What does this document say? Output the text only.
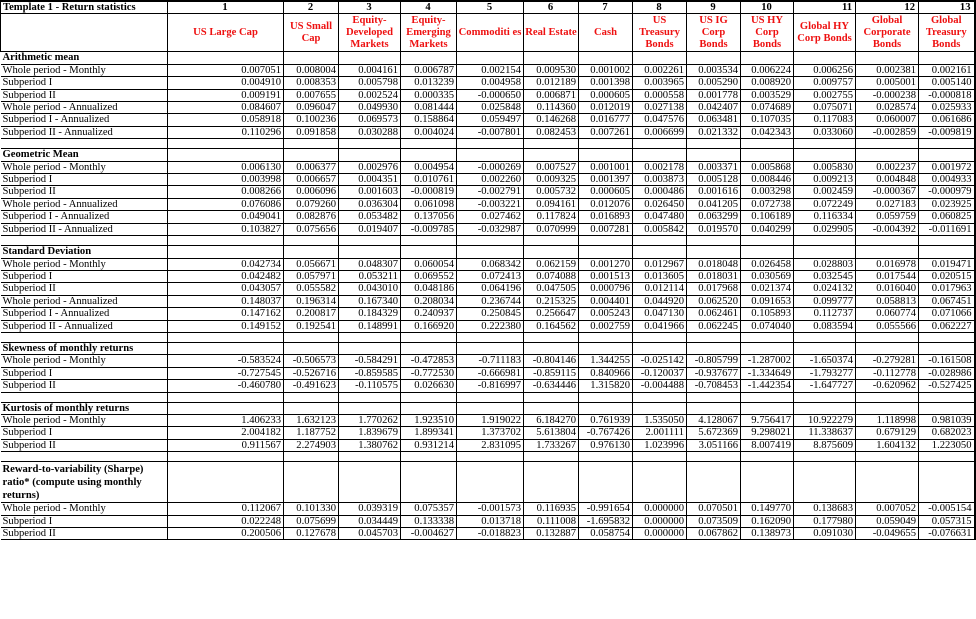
Template 1 - Return statistics	1	2	3	4	5	6	7	8	9	10	11	12	13
	US Large Cap	US Small Cap	Equity- Developed Markets	Equity- Emerging Markets	Commoditi es	Real Estate	Cash	US Treasury Bonds	US IG Corp Bonds	US HY Corp Bonds	Global HY Corp Bonds	Global Corporate Bonds	Global Treasury Bonds
Arithmetic mean													
Whole period - Monthly	0.007051	0.008004	0.004161	0.006787	0.002154	0.009530	0.001002	0.002261	0.003534	0.006224	0.006256	0.002381	0.002161
Subperiod I	0.004910	0.008353	0.005798	0.013239	0.004958	0.012189	0.001398	0.003965	0.005290	0.008920	0.009757	0.005001	0.005140
Subperiod II	0.009191	0.007655	0.002524	0.000335	-0.000650	0.006871	0.000605	0.000558	0.001778	0.003529	0.002755	-0.000238	-0.000818
Whole period - Annualized	0.084607	0.096047	0.049930	0.081444	0.025848	0.114360	0.012019	0.027138	0.042407	0.074689	0.075071	0.028574	0.025933
Subperiod I - Annualized	0.058918	0.100236	0.069573	0.158864	0.059497	0.146268	0.016777	0.047576	0.063481	0.107035	0.117083	0.060007	0.061686
Subperiod II - Annualized	0.110296	0.091858	0.030288	0.004024	-0.007801	0.082453	0.007261	0.006699	0.021332	0.042343	0.033060	-0.002859	-0.009819

Geometric Mean													
Whole period - Monthly	0.006130	0.006377	0.002976	0.004954	-0.000269	0.007527	0.001001	0.002178	0.003371	0.005868	0.005830	0.002237	0.001972
Subperiod I	0.003998	0.006657	0.004351	0.010761	0.002260	0.009325	0.001397	0.003873	0.005128	0.008446	0.009213	0.004848	0.004933
Subperiod II	0.008266	0.006096	0.001603	-0.000819	-0.002791	0.005732	0.000605	0.000486	0.001616	0.003298	0.002459	-0.000367	-0.000979
Whole period - Annualized	0.076086	0.079260	0.036304	0.061098	-0.003221	0.094161	0.012076	0.026450	0.041205	0.072738	0.072249	0.027183	0.023925
Subperiod I - Annualized	0.049041	0.082876	0.053482	0.137056	0.027462	0.117824	0.016893	0.047480	0.063299	0.106189	0.116334	0.059759	0.060825
Subperiod II - Annualized	0.103827	0.075656	0.019407	-0.009785	-0.032987	0.070999	0.007281	0.005842	0.019570	0.040299	0.029905	-0.004392	-0.011691

Standard Deviation													
Whole period - Monthly	0.042734	0.056671	0.048307	0.060054	0.068342	0.062159	0.001270	0.012967	0.018048	0.026458	0.028803	0.016978	0.019471
Subperiod I	0.042482	0.057971	0.053211	0.069552	0.072413	0.074088	0.001513	0.013605	0.018031	0.030569	0.032545	0.017544	0.020515
Subperiod II	0.043057	0.055582	0.043010	0.048186	0.064196	0.047505	0.000796	0.012114	0.017968	0.021374	0.024132	0.016040	0.017963
Whole period - Annualized	0.148037	0.196314	0.167340	0.208034	0.236744	0.215325	0.004401	0.044920	0.062520	0.091653	0.099777	0.058813	0.067451
Subperiod I - Annualized	0.147162	0.200817	0.184329	0.240937	0.250845	0.256647	0.005243	0.047130	0.062461	0.105893	0.112737	0.060774	0.071066
Subperiod II - Annualized	0.149152	0.192541	0.148991	0.166920	0.222380	0.164562	0.002759	0.041966	0.062245	0.074040	0.083594	0.055566	0.062227

Skewness of monthly returns													
Whole period - Monthly	-0.583524	-0.506573	-0.584291	-0.472853	-0.711183	-0.804146	1.344255	-0.025142	-0.805799	-1.287002	-1.650374	-0.279281	-0.161508
Subperiod I	-0.727545	-0.526716	-0.859585	-0.772530	-0.666981	-0.859115	0.840966	-0.120037	-0.937677	-1.334649	-1.793277	-0.112778	-0.028986
Subperiod II	-0.460780	-0.491623	-0.110575	0.026630	-0.816997	-0.634446	1.315820	-0.004488	-0.708453	-1.442354	-1.647727	-0.620962	-0.527425

Kurtosis of monthly returns													
Whole period - Monthly	1.406233	1.632123	1.770262	1.923510	1.919022	6.184270	0.761939	1.535050	4.128067	9.756417	10.922279	1.118998	0.981039
Subperiod I	2.004182	1.187752	1.839679	1.899341	1.373702	5.613804	-0.767426	2.001111	5.672369	9.298021	11.338637	0.679129	0.682023
Subperiod II	0.911567	2.274903	1.380762	0.931214	2.831095	1.733267	0.976130	1.023996	3.051166	8.007419	8.875609	1.604132	1.223050

Reward-to-variability (Sharpe) ratio* (compute using monthly returns)													
Whole period - Monthly	0.112067	0.101330	0.039319	0.075357	-0.001573	0.116935	-0.991654	0.000000	0.070501	0.149770	0.138683	0.007052	-0.005154
Subperiod I	0.022248	0.075699	0.034449	0.133338	0.013718	0.111008	-1.695832	0.000000	0.073509	0.162090	0.177980	0.059049	0.057315
Subperiod II	0.200506	0.127678	0.045703	-0.004627	-0.018823	0.132887	0.058754	0.000000	0.067862	0.138973	0.091030	-0.049655	-0.076631
